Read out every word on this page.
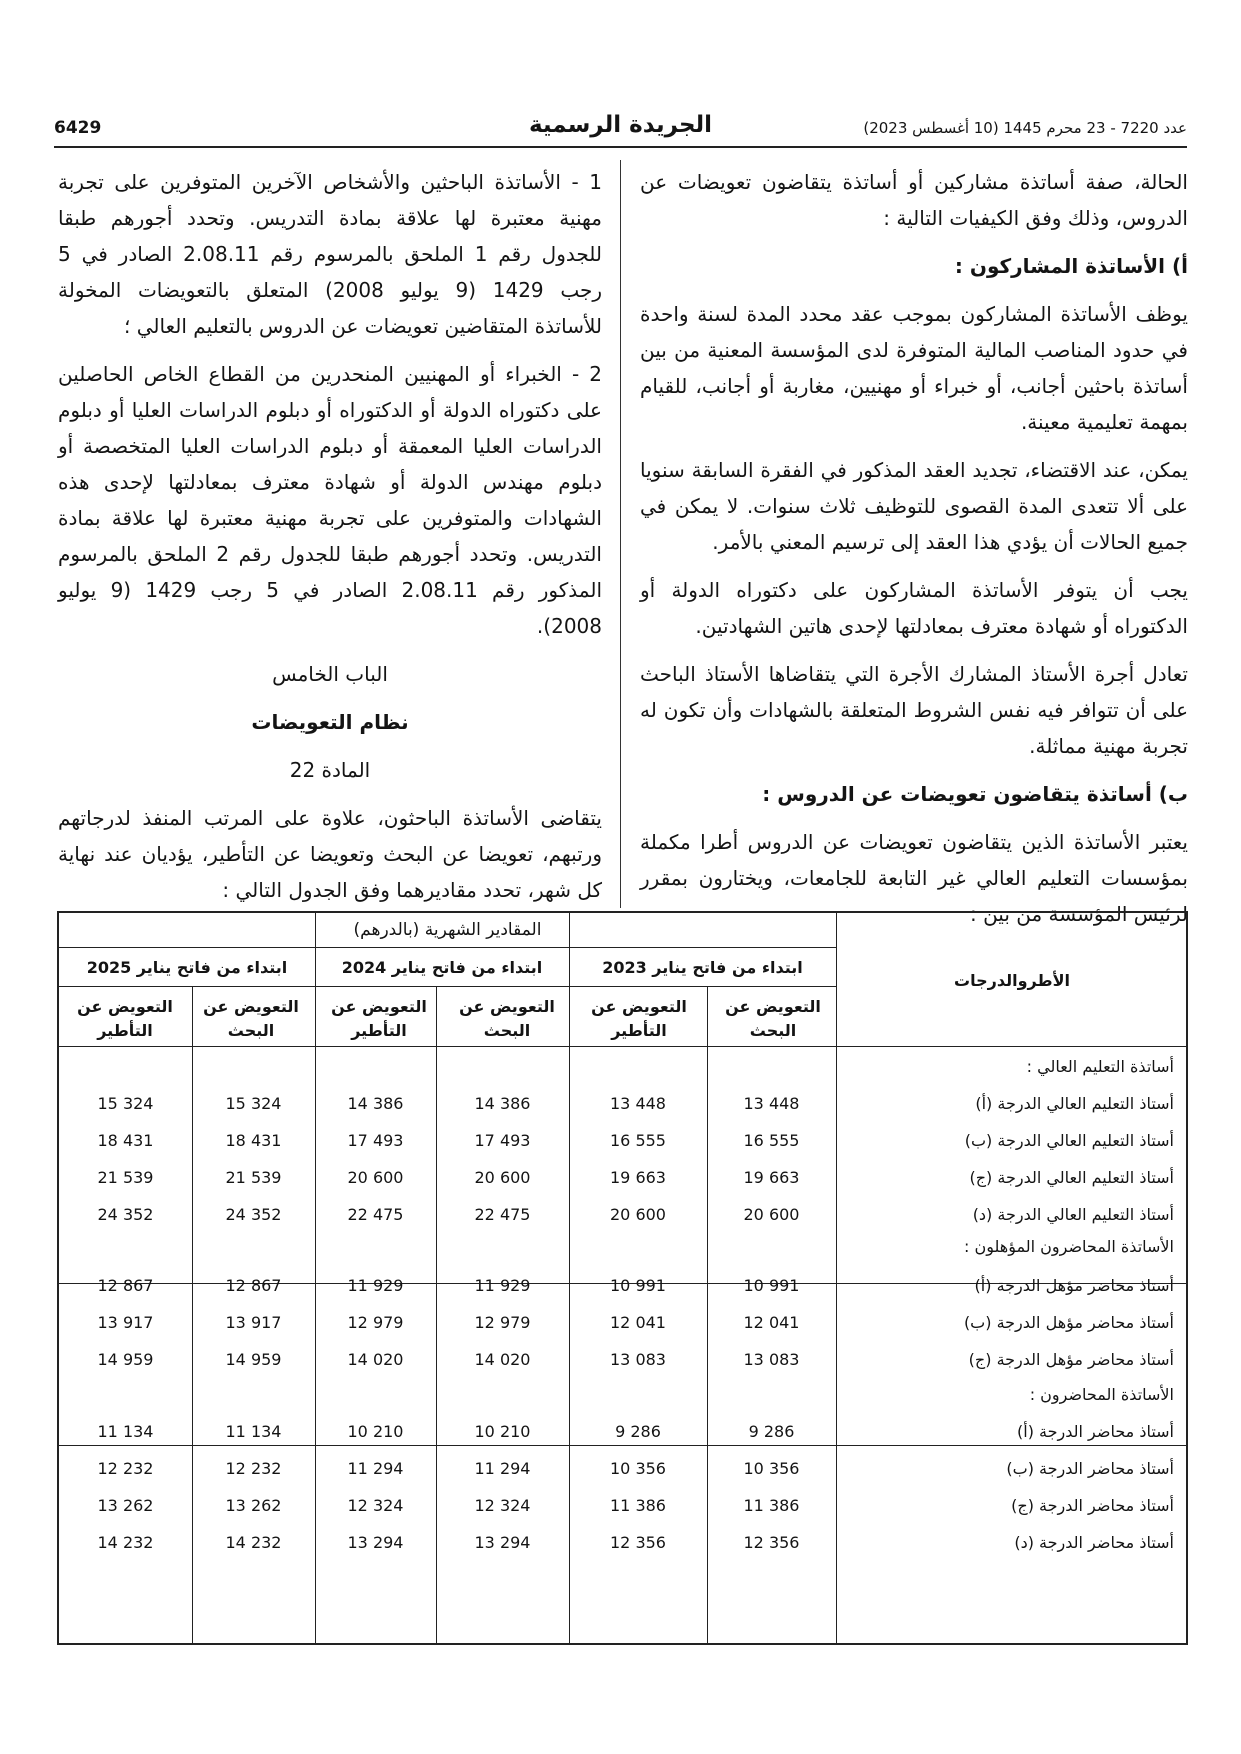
6429	الجريدة الرسمية	عدد 7220 - 23 محرم 1445 (10 أغسطس 2023)

الحالة، صفة أساتذة مشاركين أو أساتذة يتقاضون تعويضات عن الدروس، وذلك وفق الكيفيات التالية :

أ) الأساتذة المشاركون :

يوظف الأساتذة المشاركون بموجب عقد محدد المدة لسنة واحدة في حدود المناصب المالية المتوفرة لدى المؤسسة المعنية من بين أساتذة باحثين أجانب، أو خبراء أو مهنيين، مغاربة أو أجانب، للقيام بمهمة تعليمية معينة.

يمكن، عند الاقتضاء، تجديد العقد المذكور في الفقرة السابقة سنويا على ألا تتعدى المدة القصوى للتوظيف ثلاث سنوات. لا يمكن في جميع الحالات أن يؤدي هذا العقد إلى ترسيم المعني بالأمر.

يجب أن يتوفر الأساتذة المشاركون على دكتوراه الدولة أو الدكتوراه أو شهادة معترف بمعادلتها لإحدى هاتين الشهادتين.

تعادل أجرة الأستاذ المشارك الأجرة التي يتقاضاها الأستاذ الباحث على أن تتوافر فيه نفس الشروط المتعلقة بالشهادات وأن تكون له تجربة مهنية مماثلة.

ب) أساتذة يتقاضون تعويضات عن الدروس :

يعتبر الأساتذة الذين يتقاضون تعويضات عن الدروس أطرا مكملة بمؤسسات التعليم العالي غير التابعة للجامعات، ويختارون بمقرر لرئيس المؤسسة من بين :

1 - الأساتذة الباحثين والأشخاص الآخرين المتوفرين على تجربة مهنية معتبرة لها علاقة بمادة التدريس. وتحدد أجورهم طبقا للجدول رقم 1 الملحق بالمرسوم رقم 2.08.11 الصادر في 5 رجب 1429 (9 يوليو 2008) المتعلق بالتعويضات المخولة للأساتذة المتقاضين تعويضات عن الدروس بالتعليم العالي ؛

2 - الخبراء أو المهنيين المنحدرين من القطاع الخاص الحاصلين على دكتوراه الدولة أو الدكتوراه أو دبلوم الدراسات العليا أو دبلوم الدراسات العليا المعمقة أو دبلوم الدراسات العليا المتخصصة أو دبلوم مهندس الدولة أو شهادة معترف بمعادلتها لإحدى هذه الشهادات والمتوفرين على تجربة مهنية معتبرة لها علاقة بمادة التدريس. وتحدد أجورهم طبقا للجدول رقم 2 الملحق بالمرسوم المذكور رقم 2.08.11 الصادر في 5 رجب 1429 (9 يوليو 2008).

الباب الخامس
نظام التعويضات
المادة 22

يتقاضى الأساتذة الباحثون، علاوة على المرتب المنفذ لدرجاتهم ورتبهم، تعويضا عن البحث وتعويضا عن التأطير، يؤديان عند نهاية كل شهر، تحدد مقاديرهما وفق الجدول التالي :

الأطروالدرجات
المقادير الشهرية (بالدرهم)
ابتداء من فاتح يناير 2023
ابتداء من فاتح يناير 2024
ابتداء من فاتح يناير 2025
التعويض عن البحث
التعويض عن التأطير
التعويض عن البحث
التعويض عن التأطير
التعويض عن البحث
التعويض عن التأطير
أساتذة التعليم العالي :
أستاذ التعليم العالي الدرجة (أ)
أستاذ التعليم العالي الدرجة (ب)
أستاذ التعليم العالي الدرجة (ج)
أستاذ التعليم العالي الدرجة (د)
الأساتذة المحاضرون المؤهلون :
أستاذ محاضر مؤهل الدرجة (أ)
أستاذ محاضر مؤهل الدرجة (ب)
أستاذ محاضر مؤهل الدرجة (ج)
الأساتذة المحاضرون :
أستاذ محاضر الدرجة (أ)
أستاذ محاضر الدرجة (ب)
أستاذ محاضر الدرجة (ج)
أستاذ محاضر الدرجة (د)
13 448
13 448
14 386
14 386
15 324
15 324
16 555
16 555
17 493
17 493
18 431
18 431
19 663
19 663
20 600
20 600
21 539
21 539
20 600
20 600
22 475
22 475
24 352
24 352
10 991
10 991
11 929
11 929
12 867
12 867
12 041
12 041
12 979
12 979
13 917
13 917
13 083
13 083
14 020
14 020
14 959
14 959
9 286
9 286
10 210
10 210
11 134
11 134
10 356
10 356
11 294
11 294
12 232
12 232
11 386
11 386
12 324
12 324
13 262
13 262
12 356
12 356
13 294
13 294
14 232
14 232
